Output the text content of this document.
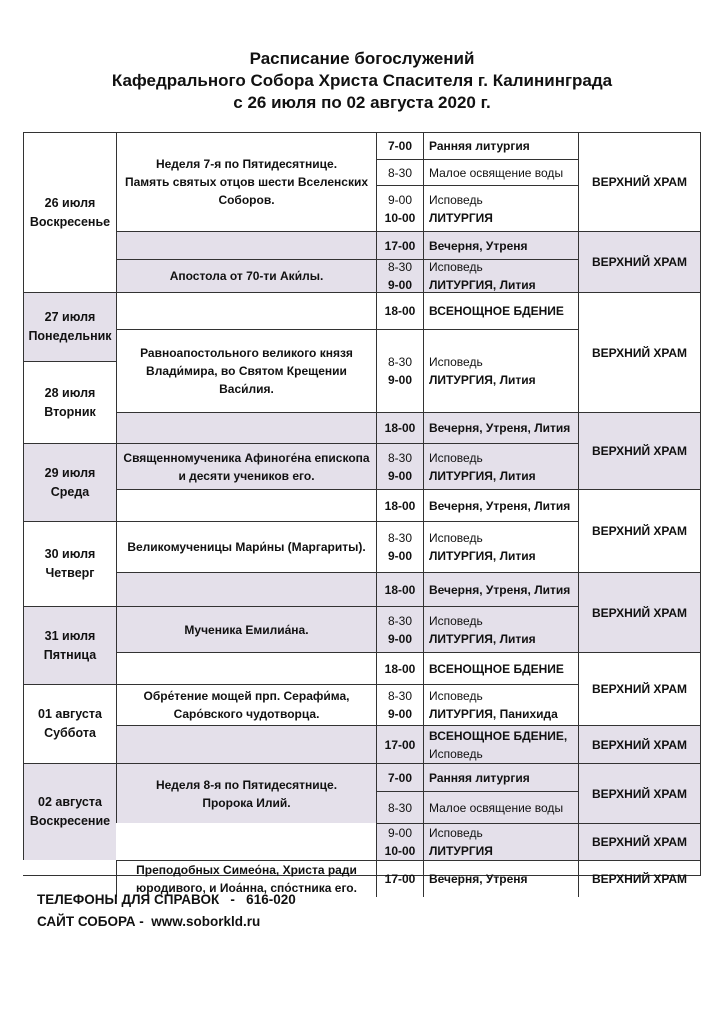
Расписание богослужений
Кафедрального Собора Христа Спасителя г. Калининграда
с 26 июля по 02 августа 2020 г.
26 июля
Воскресенье
Неделя 7-я по Пятидесятнице.
Память святых отцов шести Вселенских
Соборов.
7-00 Ранняя литургия
8-30 Малое освящение воды
9-00
10-00
Исповедь
ЛИТУРГИЯ
ВЕРХНИЙ ХРАМ
17-00 Вечерня, Утреня
ВЕРХНИЙ ХРАМ
27 июля
Понедельник
Апостола от 70-ти Аки́лы.
8-30
9-00
Исповедь
ЛИТУРГИЯ, Лития
18-00 ВСЕНОЩНОЕ БДЕНИЕ
ВЕРХНИЙ ХРАМ
28 июля
Вторник
Равноапостольного великого князя
Влади́мира, во Святом Крещении
Васи́лия.
8-30
9-00
Исповедь
ЛИТУРГИЯ, Лития
18-00 Вечерня, Утреня, Лития
ВЕРХНИЙ ХРАМ
29 июля
Среда
Священномученика Афиноге́на епископа
и десяти учеников его.
8-30
9-00
Исповедь
ЛИТУРГИЯ, Лития
18-00 Вечерня, Утреня, Лития
ВЕРХНИЙ ХРАМ
30 июля
Четверг
Великомученицы Мари́ны (Маргариты).
8-30
9-00
Исповедь
ЛИТУРГИЯ, Лития
18-00 Вечерня, Утреня, Лития
ВЕРХНИЙ ХРАМ
31 июля
Пятница
Мученика Емилиа́на.
8-30
9-00
Исповедь
ЛИТУРГИЯ, Лития
18-00 ВСЕНОЩНОЕ БДЕНИЕ
ВЕРХНИЙ ХРАМ
01 августа
Суббота
Обре́тение мощей прп. Серафи́ма,
Саро́вского чудотворца.
8-30
9-00
Исповедь
ЛИТУРГИЯ, Панихида
17-00
ВСЕНОЩНОЕ БДЕНИЕ,
Исповедь
ВЕРХНИЙ ХРАМ
02 августа
Воскресение
Неделя 8-я по Пятидесятнице.
Пророка Илий.
7-00 Ранняя литургия
ВЕРХНИЙ ХРАМ
8-30 Малое освящение воды
9-00
10-00
Исповедь
ЛИТУРГИЯ
ВЕРХНИЙ ХРАМ
Преподобных Симео́на, Христа ради
юродивого, и Иоа́нна, спо́стника его.
17-00 Вечерня, Утреня	ВЕРХНИЙ ХРАМ
ТЕЛЕФОНЫ ДЛЯ СПРАВОК   -   616-020
САЙТ СОБОРА -  www.soborkld.ru
